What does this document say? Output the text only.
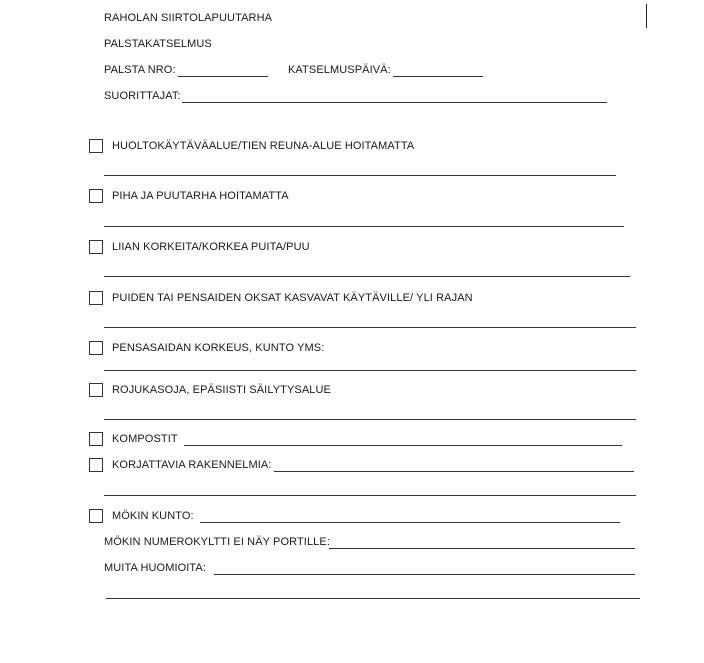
RAHOLAN SIIRTOLAPUUTARHA
PALSTAKATSELMUS
PALSTA NRO:	KATSELMUSPÄIVÄ:
SUORITTAJAT:
HUOLTOKÄYTÄVÄALUE/TIEN REUNA-ALUE HOITAMATTA
PIHA JA PUUTARHA HOITAMATTA
LIIAN KORKEITA/KORKEA PUITA/PUU
PUIDEN TAI PENSAIDEN OKSAT KASVAVAT KÄYTÄVILLE/ YLI RAJAN
PENSASAIDAN KORKEUS, KUNTO YMS:
ROJUKASOJA, EPÄSIISTI SÄILYTYSALUE
KOMPOSTIT
KORJATTAVIA RAKENNELMIA:
MÖKIN KUNTO:
MÖKIN NUMEROKYLTTI EI NÄY PORTILLE:
MUITA HUOMIOITA:
